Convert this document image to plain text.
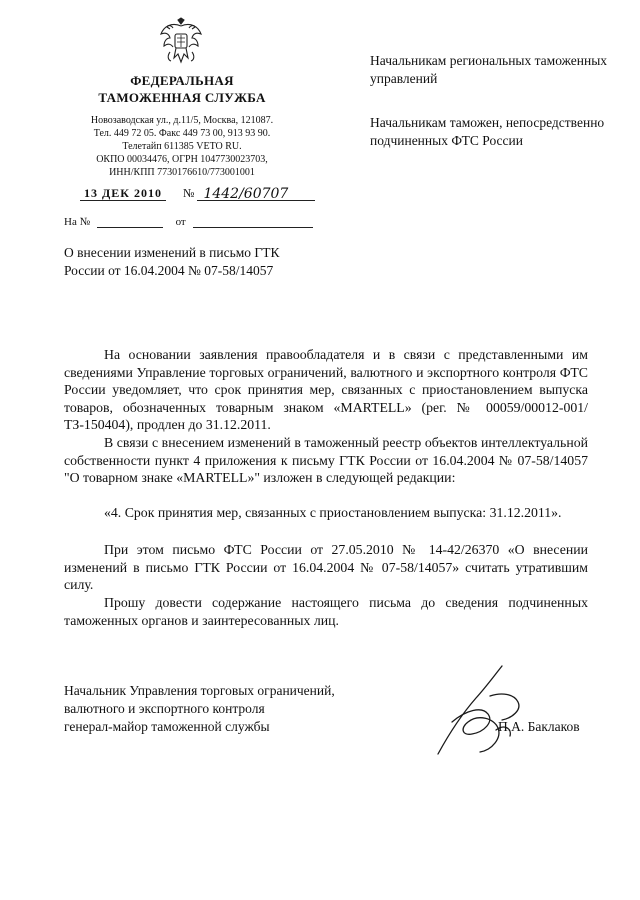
ФЕДЕРАЛЬНАЯ
ТАМОЖЕННАЯ СЛУЖБА
Новозаводская ул., д.11/5, Москва, 121087.
Тел. 449 72 05. Факс 449 73 00, 913 93 90.
Телетайп 611385 VETO RU.
ОКПО 00034476, ОГРН 1047730023703,
ИНН/КПП 7730176610/773001001
13 ДЕК 2010 № 1442/60707
На №	от
Начальникам региональных таможенных управлений
Начальникам таможен, непосредственно подчиненных ФТС России
О внесении изменений в письмо ГТК России от 16.04.2004 № 07-58/14057
На основании заявления правообладателя и в связи с представленными им сведениями Управление торговых ограничений, валютного и экспортного контроля ФТС России уведомляет, что срок принятия мер, связанных с приостановлением выпуска товаров, обозначенных товарным знаком «MARTELL» (рег. № 00059/00012-001/ТЗ-150404), продлен до 31.12.2011.
В связи с внесением изменений в таможенный реестр объектов интеллектуальной собственности пункт 4 приложения к письму ГТК России от 16.04.2004 № 07-58/14057 "О товарном знаке «MARTELL»" изложен в следующей редакции:
«4. Срок принятия мер, связанных с приостановлением выпуска: 31.12.2011».
При этом письмо ФТС России от 27.05.2010 № 14-42/26370 «О внесении изменений в письмо ГТК России от 16.04.2004 № 07-58/14057» считать утратившим силу.
Прошу довести содержание настоящего письма до сведения подчиненных таможенных органов и заинтересованных лиц.
Начальник Управления торговых ограничений,
валютного и экспортного контроля
генерал-майор таможенной службы	П.А. Баклаков
